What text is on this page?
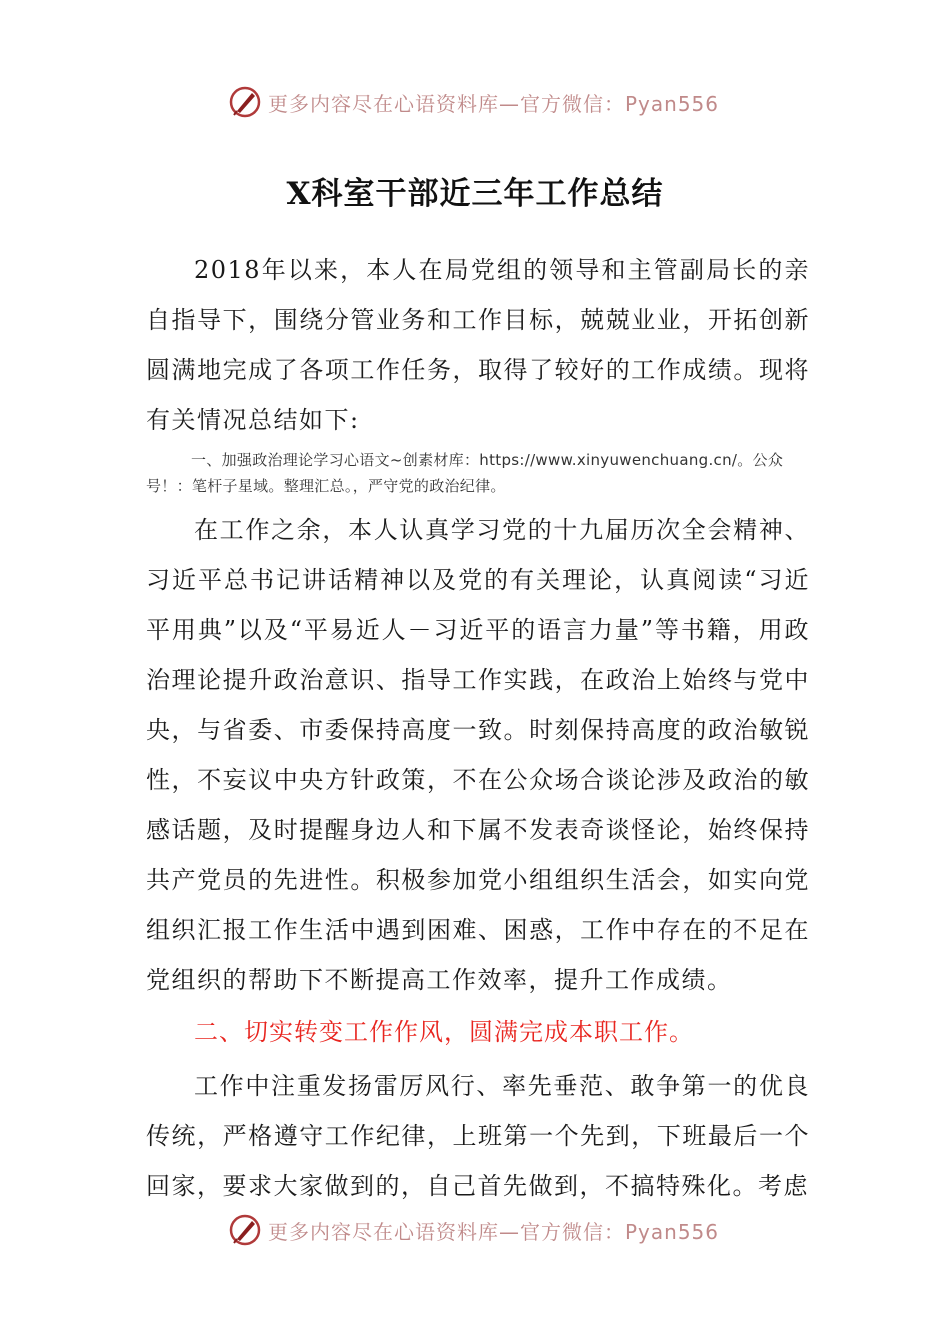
更多内容尽在心语资料库—官方微信：Pyan556
X科室干部近三年工作总结

2018年以来，本人在局党组的领导和主管副局长的亲自指导下，围绕分管业务和工作目标，兢兢业业，开拓创新圆满地完成了各项工作任务，取得了较好的工作成绩。现将有关情况总结如下:

一、加强政治理论学习心语文~创素材库：https://www.xinyuwenchuang.cn/。公众号！：笔杆子星域。整理汇总。，严守党的政治纪律。

在工作之余，本人认真学习党的十九届历次全会精神、习近平总书记讲话精神以及党的有关理论，认真阅读“习近平用典”以及“平易近人－习近平的语言力量”等书籍，用政治理论提升政治意识、指导工作实践，在政治上始终与党中央，与省委、市委保持高度一致。时刻保持高度的政治敏锐性，不妄议中央方针政策，不在公众场合谈论涉及政治的敏感话题，及时提醒身边人和下属不发表奇谈怪论，始终保持共产党员的先进性。积极参加党小组组织生活会，如实向党组织汇报工作生活中遇到困难、困惑，工作中存在的不足在党组织的帮助下不断提高工作效率，提升工作成绩。

二、切实转变工作作风，圆满完成本职工作。

工作中注重发扬雷厉风行、率先垂范、敢争第一的优良传统，严格遵守工作纪律，上班第一个先到，下班最后一个回家，要求大家做到的，自己首先做到，不搞特殊化。考虑

更多内容尽在心语资料库—官方微信：Pyan556
